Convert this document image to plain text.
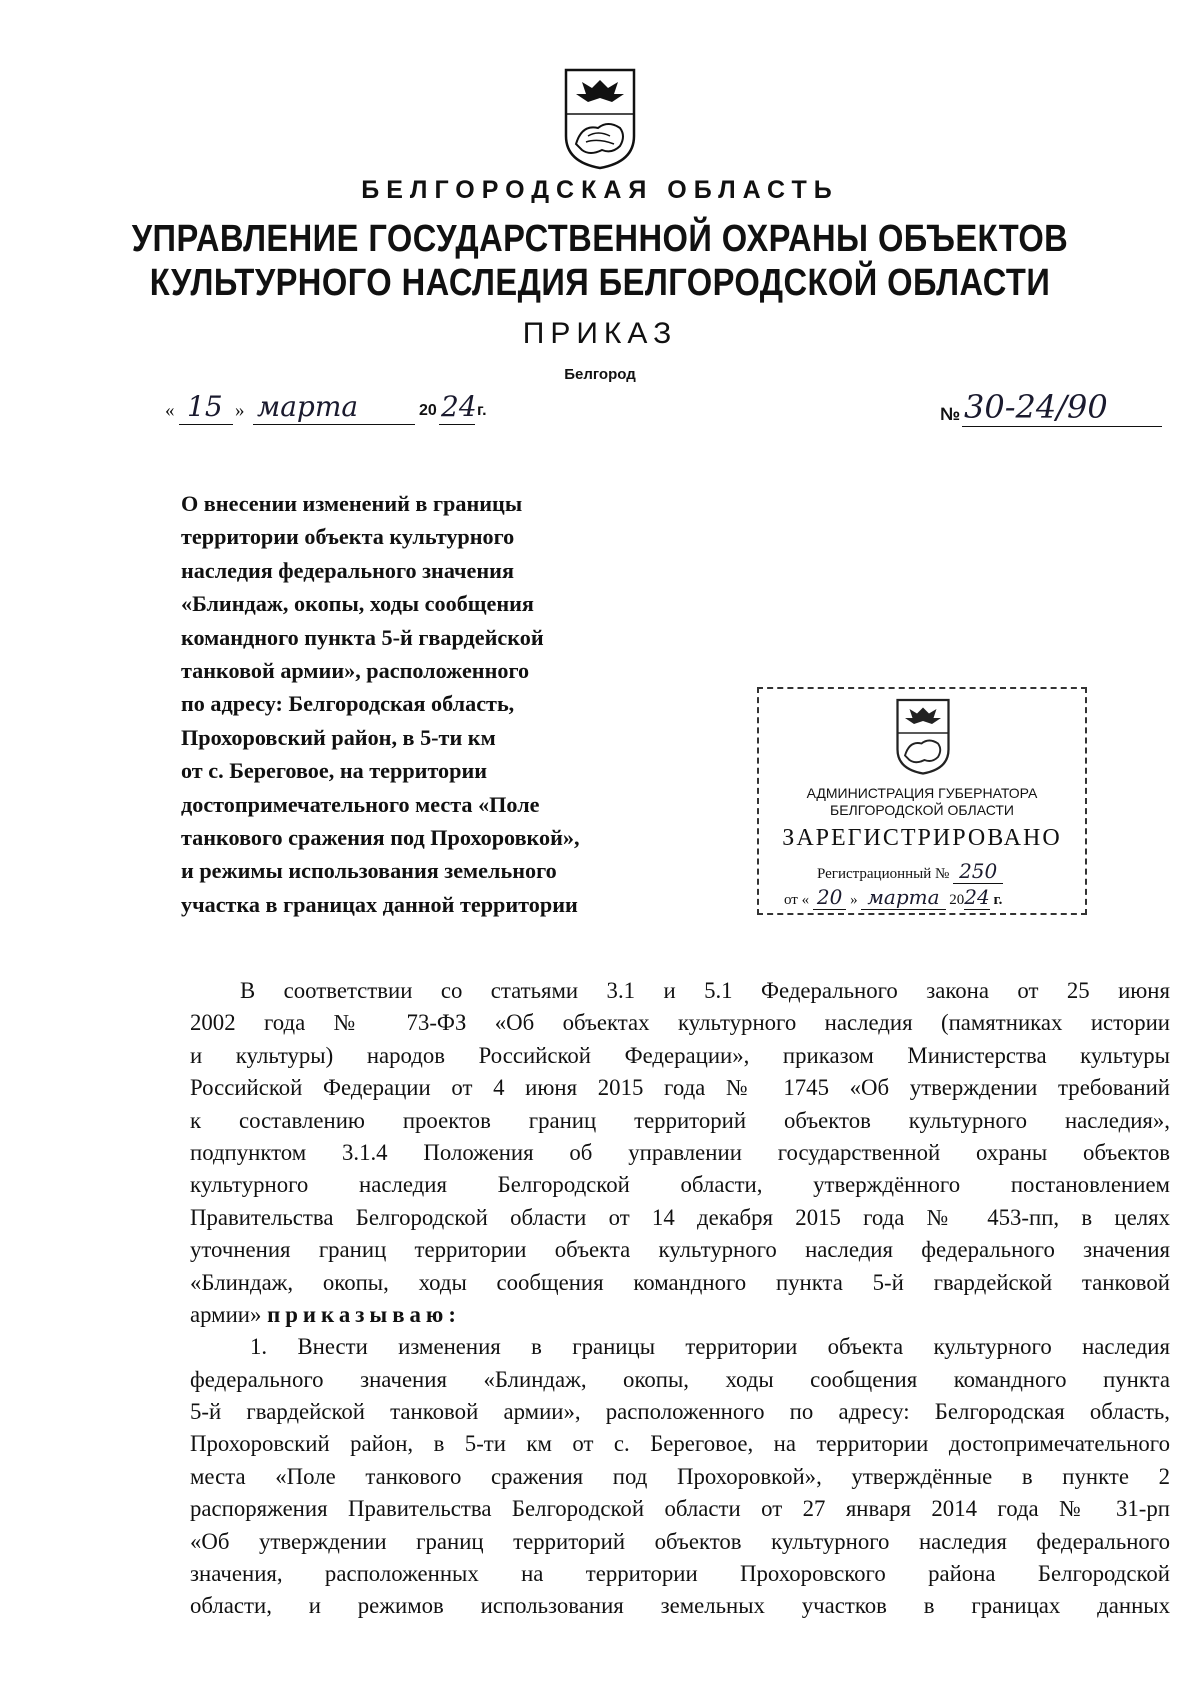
БЕЛГОРОДСКАЯ ОБЛАСТЬ
УПРАВЛЕНИЕ ГОСУДАРСТВЕННОЙ ОХРАНЫ ОБЪЕКТОВ
КУЛЬТУРНОГО НАСЛЕДИЯ БЕЛГОРОДСКОЙ ОБЛАСТИ
ПРИКАЗ
Белгород
« 15 » марта	20 24 г.	№ 30-24/90
О внесении изменений в границы
территории объекта культурного
наследия федерального значения
«Блиндаж, окопы, ходы сообщения
командного пункта 5-й гвардейской
танковой армии», расположенного
по адресу: Белгородская область,
Прохоровский район, в 5-ти км
от с. Береговое, на территории
достопримечательного места «Поле
танкового сражения под Прохоровкой»,
и режимы использования земельного
участка в границах данной территории
АДМИНИСТРАЦИЯ ГУБЕРНАТОРА
БЕЛГОРОДСКОЙ ОБЛАСТИ
ЗАРЕГИСТРИРОВАНО
Регистрационный № 250
от « 20 » марта 2024 г.
В соответствии со статьями 3.1 и 5.1 Федерального закона от 25 июня
2002 года № 73-ФЗ «Об объектах культурного наследия (памятниках истории
и культуры) народов Российской Федерации», приказом Министерства культуры
Российской Федерации от 4 июня 2015 года № 1745 «Об утверждении требований
к составлению проектов границ территорий объектов культурного наследия»,
подпунктом 3.1.4 Положения об управлении государственной охраны объектов
культурного наследия Белгородской области, утверждённого постановлением
Правительства Белгородской области от 14 декабря 2015 года № 453-пп, в целях
уточнения границ территории объекта культурного наследия федерального значения
«Блиндаж, окопы, ходы сообщения командного пункта 5-й гвардейской танковой
армии» приказываю:
1. Внести изменения в границы территории объекта культурного наследия
федерального значения «Блиндаж, окопы, ходы сообщения командного пункта
5-й гвардейской танковой армии», расположенного по адресу: Белгородская область,
Прохоровский район, в 5-ти км от с. Береговое, на территории достопримечательного
места «Поле танкового сражения под Прохоровкой», утверждённые в пункте 2
распоряжения Правительства Белгородской области от 27 января 2014 года № 31-рп
«Об утверждении границ территорий объектов культурного наследия федерального
значения, расположенных на территории Прохоровского района Белгородской
области, и режимов использования земельных участков в границах данных
